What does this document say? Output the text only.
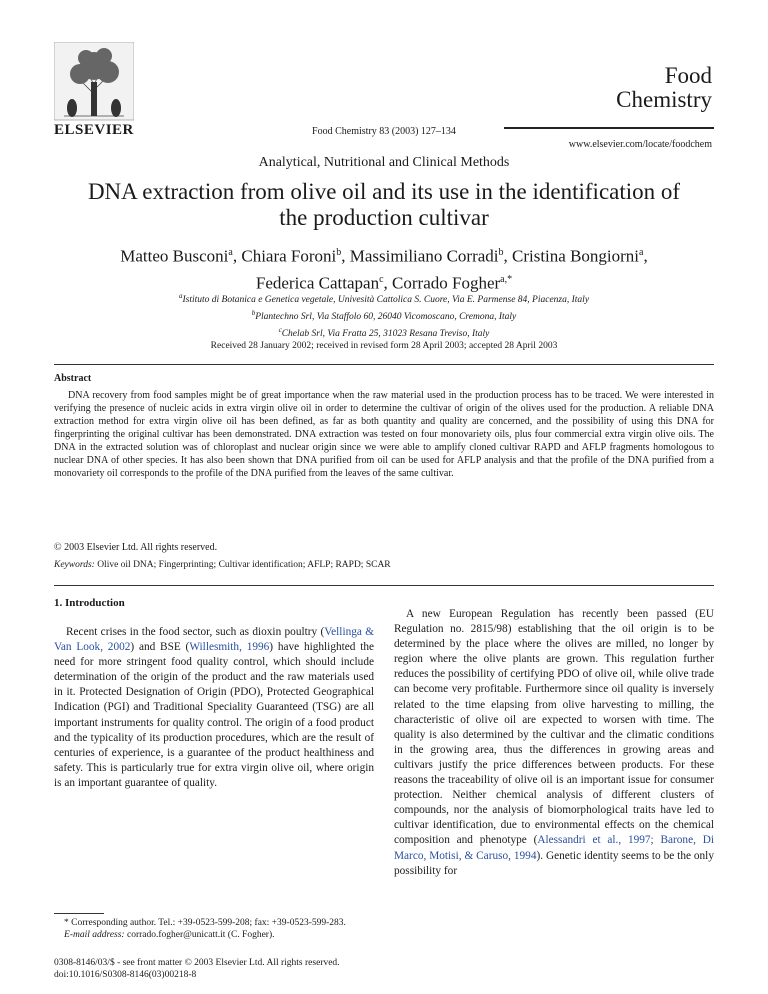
ELSEVIER	Food Chemistry 83 (2003) 127–134
Food
Chemistry
www.elsevier.com/locate/foodchem
Analytical, Nutritional and Clinical Methods
DNA extraction from olive oil and its use in the identification of the production cultivar
Matteo Busconi$^a$, Chiara Foroni$^b$, Massimiliano Corradi$^b$, Cristina Bongiorni$^a$,
Federica Cattapan$^c$, Corrado Fogher$^{a,*}$
$^a$Istituto di Botanica e Genetica vegetale, Univesità Cattolica S. Cuore, Via E. Parmense 84, Piacenza, Italy
$^b$Plantechno Srl, Via Staffolo 60, 26040 Vicomoscano, Cremona, Italy
$^c$Chelab Srl, Via Fratta 25, 31023 Resana Treviso, Italy
Received 28 January 2002; received in revised form 28 April 2003; accepted 28 April 2003
Abstract

DNA recovery from food samples might be of great importance when the raw material used in the production process has to be traced. We were interested in verifying the presence of nucleic acids in extra virgin olive oil in order to determine the cultivar of origin of the olives used for the production. A reliable DNA extraction method for extra virgin olive oil has been defined, as far as both quantity and quality are concerned, and the possibility of using this DNA for fingerprinting the original cultivar has been demonstrated. DNA extraction was tested on four monovariety oils, plus four commercial extra virgin olive oils. The DNA in the extracted solution was of chloroplast and nuclear origin since we were able to amplify cloned cultivar RAPD and AFLP fragments homologous to nuclear DNA of other species. It has also been shown that DNA purified from oil can be used for AFLP analysis and that the profile of the DNA purified from a monovariety oil corresponds to the profile of the DNA purified from the leaves of the same cultivar.

© 2003 Elsevier Ltd. All rights reserved.
Keywords: Olive oil DNA; Fingerprinting; Cultivar identification; AFLP; RAPD; SCAR
1. Introduction

Recent crises in the food sector, such as dioxin poultry (Vellinga & Van Look, 2002) and BSE (Willesmith, 1996) have highlighted the need for more stringent food quality control, which should include determination of the origin of the product and the raw materials used in it. Protected Designation of Origin (PDO), Protected Geographical Indication (PGI) and Traditional Speciality Guaranteed (TSG) are all important instruments for quality control. The origin of a food product and the typicality of its production procedures, which are the result of centuries of experience, is a guarantee of the product healthiness and safety. This is particularly true for extra virgin olive oil, where origin is an important guarantee of quality.

A new European Regulation has recently been passed (EU Regulation no. 2815/98) establishing that the oil origin is to be determined by the place where the olives are milled, no longer by region where the olive plants are grown. This regulation further reduces the possibility of certifying PDO of olive oil, while olive trade can become very profitable. Furthermore since oil quality is inversely related to the time elapsing from olive harvesting to milling, the characteristic of olive oil are expected to worsen with time. The quality is also determined by the cultivar and the climatic conditions in the growing area, thus the differences in growing areas and cultivars justify the price differences between products. For these reasons the traceability of olive oil is an important issue for consumer protection. Neither chemical analysis of different clusters of compounds, nor the analysis of biomorphological traits have led to cultivar identification, due to environmental effects on the chemical composition and phenotype (Alessandri et al., 1997; Barone, Di Marco, Motisi, & Caruso, 1994). Genetic identity seems to be the only possibility for

* Corresponding author. Tel.: +39-0523-599-208; fax: +39-0523-599-283.
E-mail address: corrado.fogher@unicatt.it (C. Fogher).
0308-8146/03/$ - see front matter © 2003 Elsevier Ltd. All rights reserved.
doi:10.1016/S0308-8146(03)00218-8
